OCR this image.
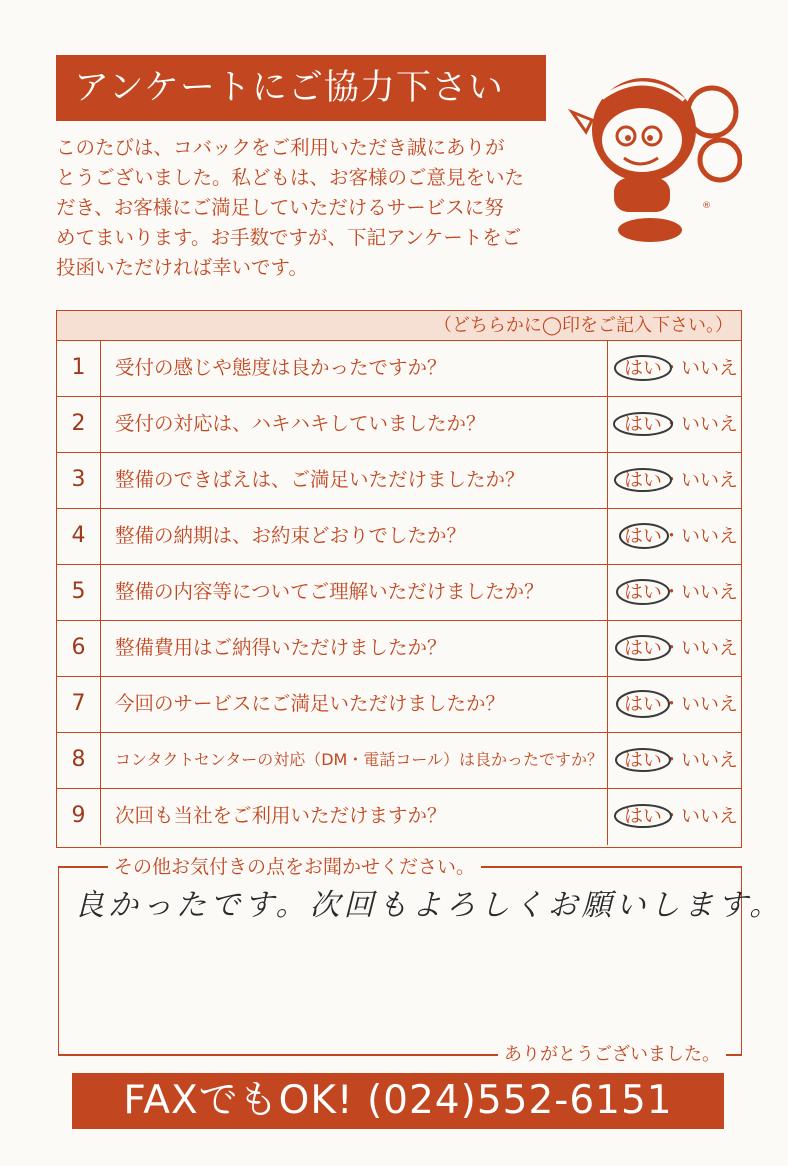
アンケートにご協力下さい
このたびは、コバックをご利用いただき誠にありが
とうございました。私どもは、お客様のご意見をいた
だき、お客様にご満足していただけるサービスに努
めてまいります。お手数ですが、下記アンケートをご
投函いただければ幸いです。
®
（どちらかに◯印をご記入下さい。）
1	受付の感じや態度は良かったですか？	はい・いいえ
2	受付の対応は、ハキハキしていましたか？	はい・いいえ
3	整備のできばえは、ご満足いただけましたか？	はい・いいえ
4	整備の納期は、お約束どおりでしたか？	はい・いいえ
5	整備の内容等についてご理解いただけましたか？	はい・いいえ
6	整備費用はご納得いただけましたか？	はい・いいえ
7	今回のサービスにご満足いただけましたか？	はい・いいえ
8	コンタクトセンターの対応（DM・電話コール）は良かったですか？	はい・いいえ
9	次回も当社をご利用いただけますか？	はい・いいえ
その他お気付きの点をお聞かせください。
良かったです。次回もよろしくお願いします。
ありがとうございました。
FAXでもOK! (024)552-6151
